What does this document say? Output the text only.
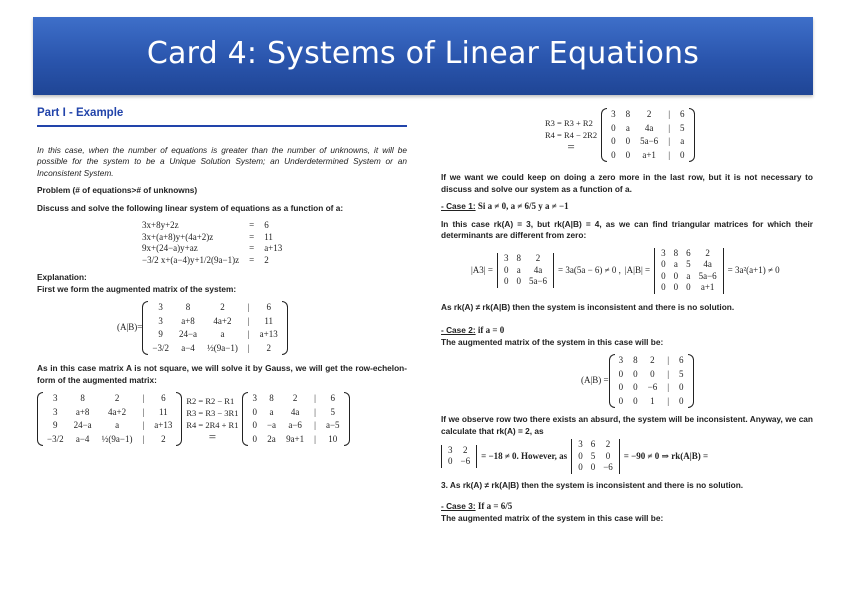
Card 4: Systems of Linear Equations
Part I - Example

In this case, when the number of equations is greater than the number of unknowns, it will be possible for the system to be a Unique Solution System; an Underdetermined System or an Inconsistent System.

Problem (# of equations># of unknowns)

Discuss and solve the following linear system of equations as a function of a:

3x+8y+2z	=	6
3x+(a+8)y+(4a+2)z	=	11
9x+(24−a)y+az	=	a+13
−3/2 x+(a−4)y+1/2(9a−1)z	=	2

Explanation:

First we form the augmented matrix of the system:

(A|B)=
3	8	2	|	6
3	a+8	4a+2	|	11
9	24−a	a	|	a+13
−3/2	a−4	½(9a−1)	|	2

As in this case matrix A is not square, we will solve it by Gauss, we will get the row-echelon-form of the augmented matrix:

3	8	2	|	6
3	a+8	4a+2	|	11
9	24−a	a	|	a+13
−3/2	a−4	½(9a−1)	|	2
R2 = R2 − R1
R3 = R3 − 3R1
R4 = 2R4 + R1
=
3	8	2	|	6
0	a	4a	|	5
0	−a	a−6	|	a−5
0	2a	9a+1	|	10
R3 = R3 + R2
R4 = R4 − 2R2
=
3	8	2	|	6
0	a	4a	|	5
0	0	5a−6	|	a
0	0	a+1	|	0

If we want we could keep on doing a zero more in the last row, but it is not necessary to discuss and solve our system as a function of a.

- Case 1: Si a ≠ 0, a ≠ 6/5 y a ≠ −1

In this case rk(A) = 3, but rk(A|B) = 4, as we can find triangular matrices for which their determinants are different from zero:

|A3| =
3	8	2
0	a	4a
0	0	5a−6
= 3a(5a − 6) ≠ 0 , |A|B| =
3	8	6	2
0	a	5	4a
0	0	a	5a−6
0	0	0	a+1
= 3a²(a+1) ≠ 0

As rk(A) ≠ rk(A|B) then the system is inconsistent and there is no solution.

- Case 2: if a = 0

The augmented matrix of the system in this case will be:

(A|B) =
3	8	2	|	6
0	0	0	|	5
0	0	−6	|	0
0	0	1	|	0

If we observe row two there exists an absurd, the system will be inconsistent. Anyway, we can calculate that rk(A) = 2, as

3	2
0	−6
= −18 ≠ 0. However, as
3	6	2
0	5	0
0	0	−6
= −90 ≠ 0 ⇒ rk(A|B) =

3. As rk(A) ≠ rk(A|B) then the system is inconsistent and there is no solution.

- Case 3: If a = 6/5

The augmented matrix of the system in this case will be:
